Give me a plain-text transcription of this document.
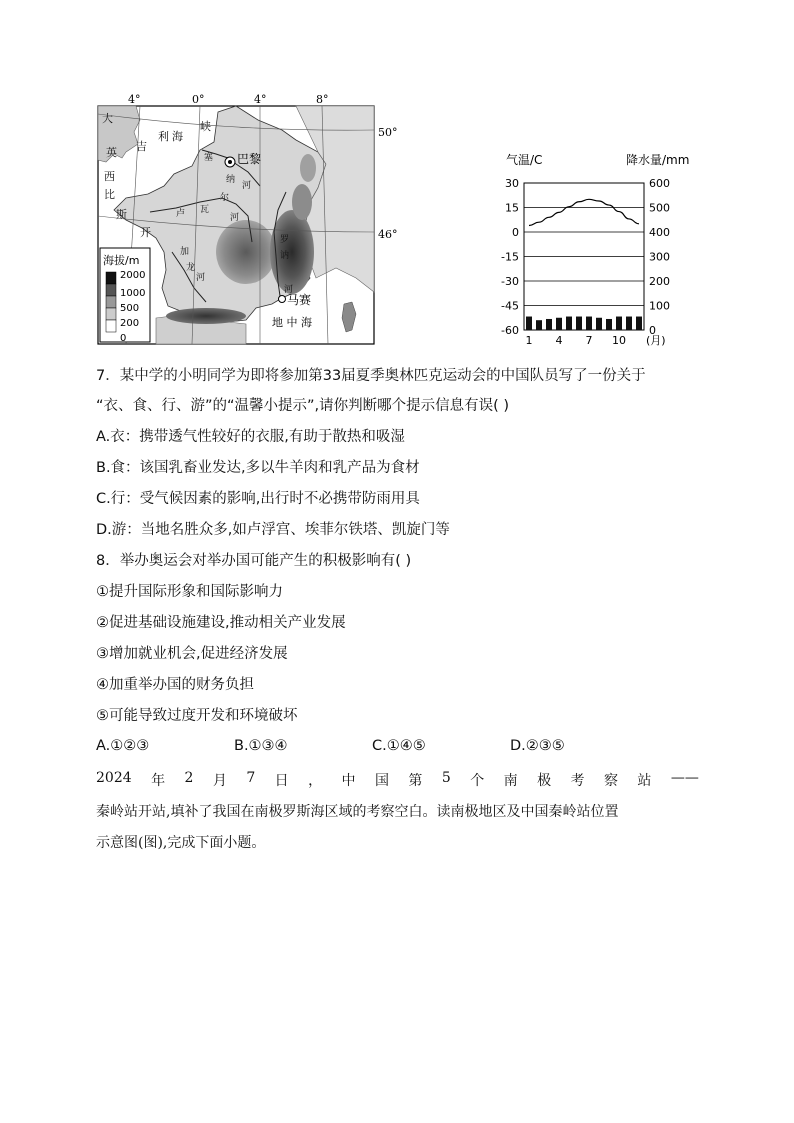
海拔/m
2000
1000
500
200
0
4°	0°	4°	8°
50°
46°
大
英 吉
利 海
峡
西
比
斯
开
塞
纳
河
卢 瓦
尔
河
加
龙
河
罗
讷
河
地 中 海
巴黎
马赛
气温/C	降水量/mm
30	600
15	500
0	400
-15	300
-30	200
-45	100
-60	0
1 4 7 10 (月)
7．某中学的小明同学为即将参加第33届夏季奥林匹克运动会的中国队员写了一份关于
“衣、食、行、游”的“温馨小提示”,请你判断哪个提示信息有误( )
A.衣：携带透气性较好的衣服,有助于散热和吸湿
B.食：该国乳畜业发达,多以牛羊肉和乳产品为食材
C.行：受气候因素的影响,出行时不必携带防雨用具
D.游：当地名胜众多,如卢浮宫、埃菲尔铁塔、凯旋门等
8．举办奥运会对举办国可能产生的积极影响有( )
①提升国际形象和国际影响力
②促进基础设施建设,推动相关产业发展
③增加就业机会,促进经济发展
④加重举办国的财务负担
⑤可能导致过度开发和环境破坏
A.①②③	B.①③④	C.①④⑤	D.②③⑤
2024 年 2 月 7 日 ， 中 国 第 5 个 南 极 考 察 站 ——
秦岭站开站,填补了我国在南极罗斯海区域的考察空白。读南极地区及中国秦岭站位置
示意图(图),完成下面小题。
